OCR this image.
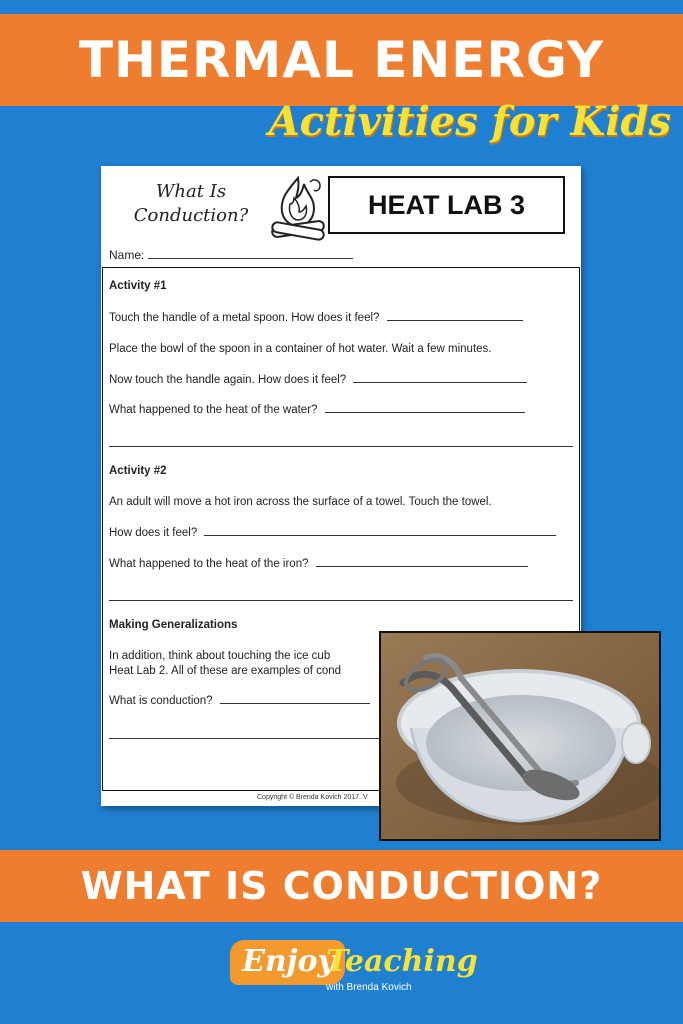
THERMAL ENERGY
Activities for Kids
What Is
Conduction?	HEAT LAB 3
Name:
Activity #1
Touch the handle of a metal spoon. How does it feel?
Place the bowl of the spoon in a container of hot water. Wait a few minutes.
Now touch the handle again. How does it feel?
What happened to the heat of the water?
Activity #2
An adult will move a hot iron across the surface of a towel. Touch the towel.
How does it feel?
What happened to the heat of the iron?
Making Generalizations
In addition, think about touching the ice cub
Heat Lab 2. All of these are examples of cond
What is conduction?
Copyright © Brenda Kovich 2017. V
WHAT IS CONDUCTION?
Enjoy
Teaching
with Brenda Kovich
